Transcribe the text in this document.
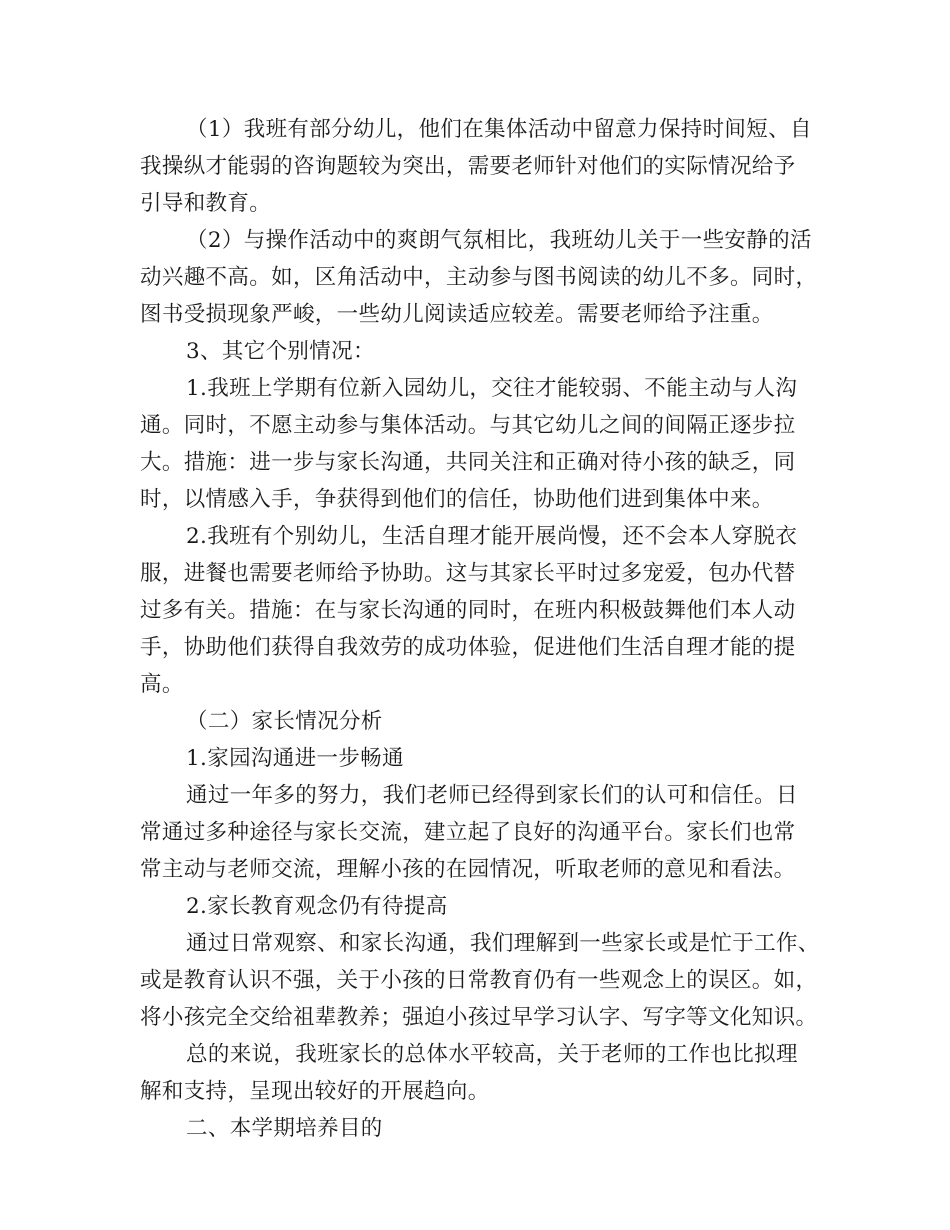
（1）我班有部分幼儿，他们在集体活动中留意力保持时间短、自
我操纵才能弱的咨询题较为突出，需要老师针对他们的实际情况给予
引导和教育。
（2）与操作活动中的爽朗气氛相比，我班幼儿关于一些安静的活
动兴趣不高。如，区角活动中，主动参与图书阅读的幼儿不多。同时，
图书受损现象严峻，一些幼儿阅读适应较差。需要老师给予注重。
3、其它个别情况：
1.我班上学期有位新入园幼儿，交往才能较弱、不能主动与人沟
通。同时，不愿主动参与集体活动。与其它幼儿之间的间隔正逐步拉
大。措施：进一步与家长沟通，共同关注和正确对待小孩的缺乏，同
时，以情感入手，争获得到他们的信任，协助他们进到集体中来。
2.我班有个别幼儿，生活自理才能开展尚慢，还不会本人穿脱衣
服，进餐也需要老师给予协助。这与其家长平时过多宠爱，包办代替
过多有关。措施：在与家长沟通的同时，在班内积极鼓舞他们本人动
手，协助他们获得自我效劳的成功体验，促进他们生活自理才能的提
高。
（二）家长情况分析
1.家园沟通进一步畅通
通过一年多的努力，我们老师已经得到家长们的认可和信任。日
常通过多种途径与家长交流，建立起了良好的沟通平台。家长们也常
常主动与老师交流，理解小孩的在园情况，听取老师的意见和看法。
2.家长教育观念仍有待提高
通过日常观察、和家长沟通，我们理解到一些家长或是忙于工作、
或是教育认识不强，关于小孩的日常教育仍有一些观念上的误区。如，
将小孩完全交给祖辈教养；强迫小孩过早学习认字、写字等文化知识。
总的来说，我班家长的总体水平较高，关于老师的工作也比拟理
解和支持，呈现出较好的开展趋向。
二、本学期培养目的
